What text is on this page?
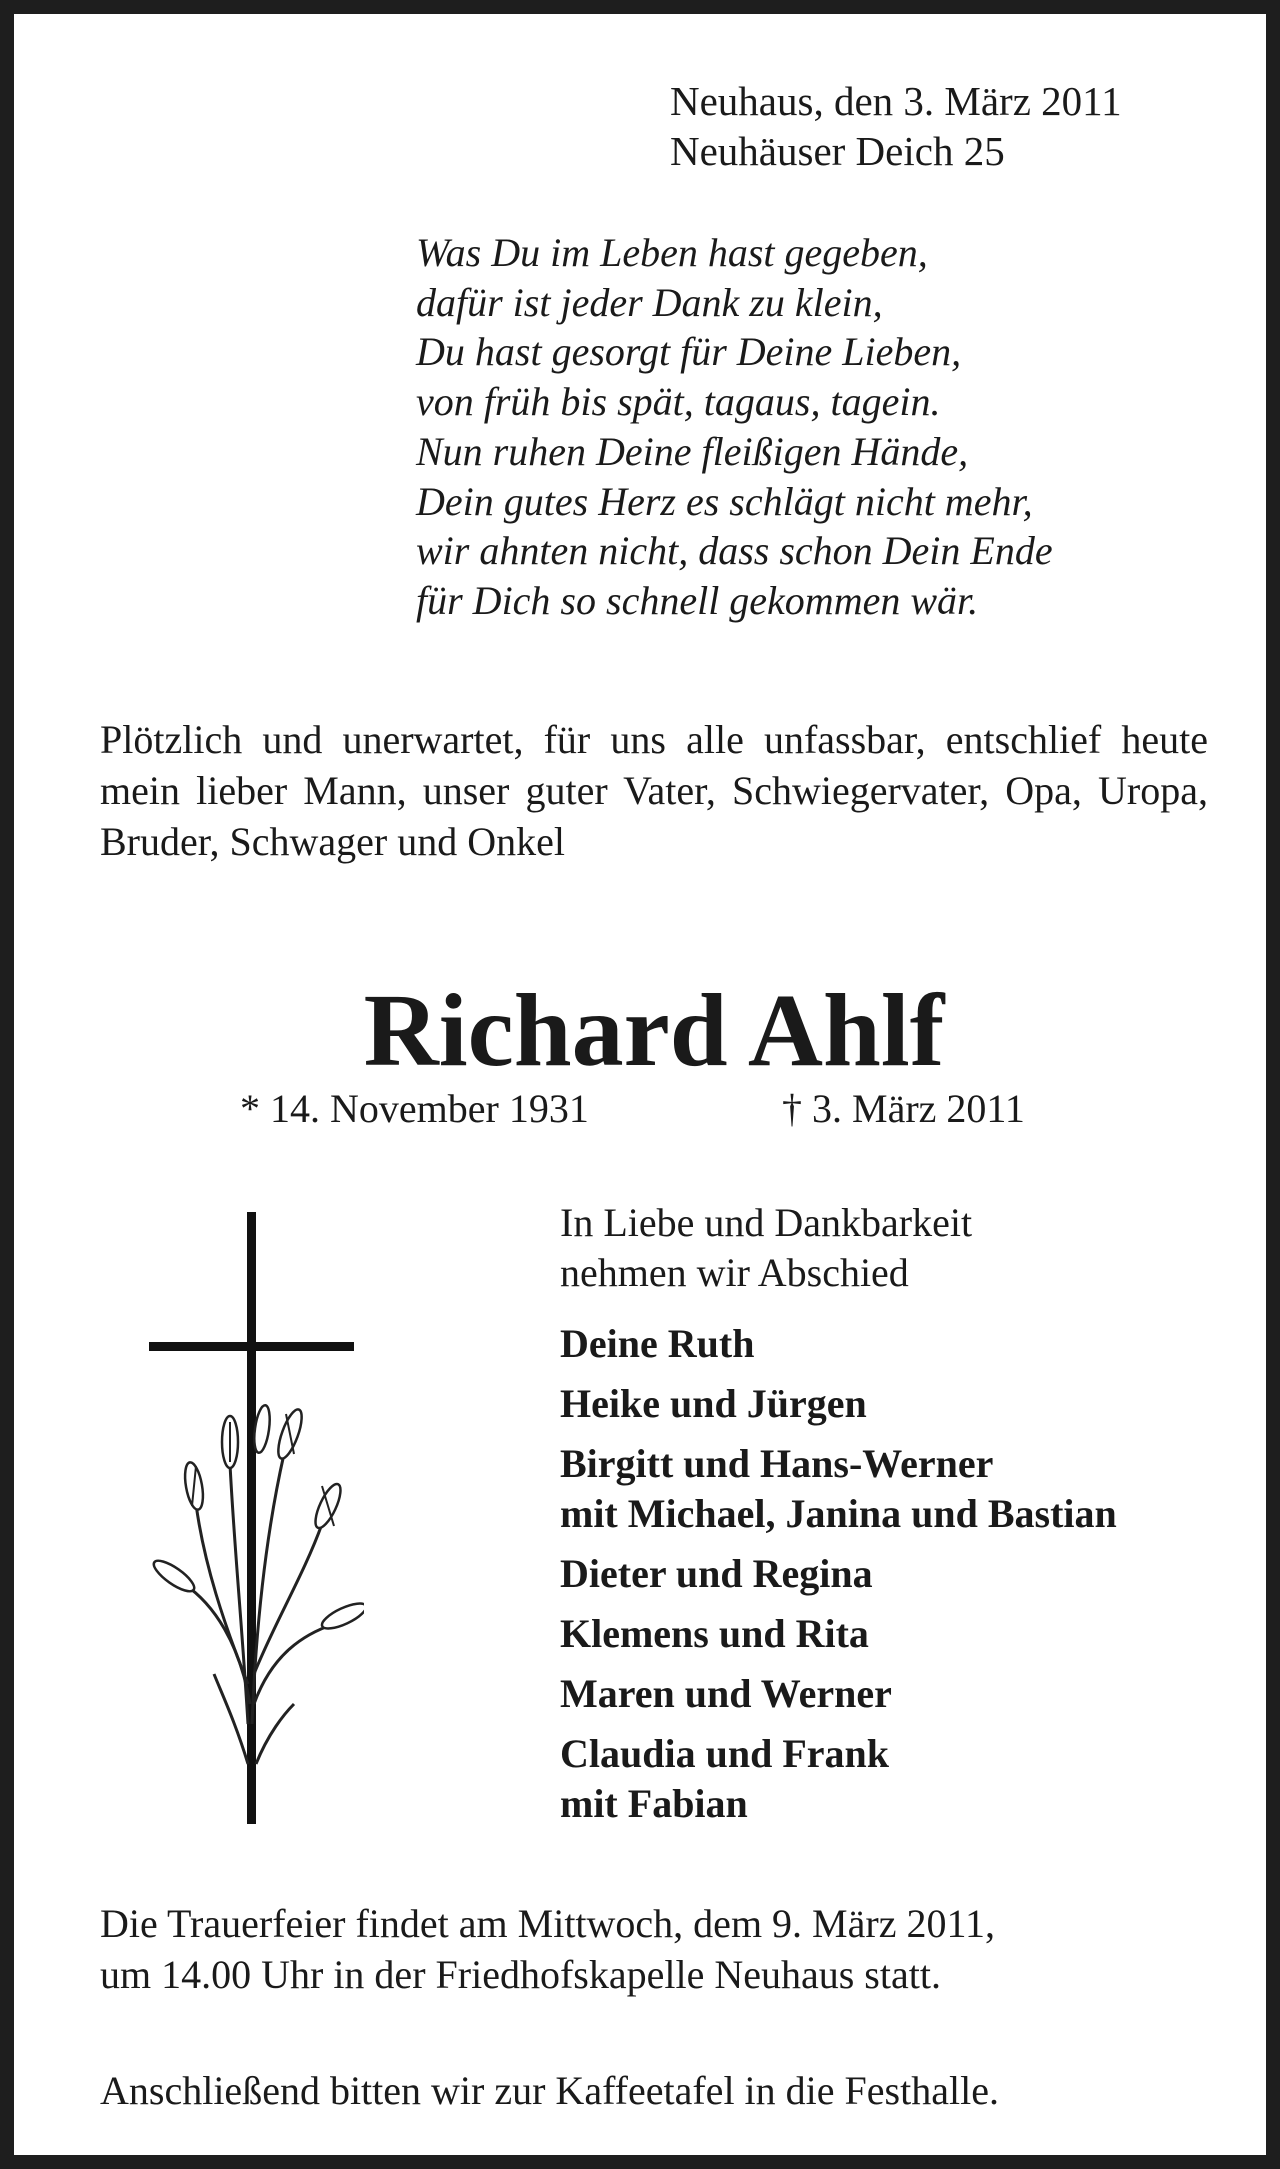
Neuhaus, den 3. März 2011
Neuhäuser Deich 25
Was Du im Leben hast gegeben,
dafür ist jeder Dank zu klein,
Du hast gesorgt für Deine Lieben,
von früh bis spät, tagaus, tagein.
Nun ruhen Deine fleißigen Hände,
Dein gutes Herz es schlägt nicht mehr,
wir ahnten nicht, dass schon Dein Ende
für Dich so schnell gekommen wär.
Plötzlich und unerwartet, für uns alle unfassbar, entschlief heute mein lieber Mann, unser guter Vater, Schwiegervater, Opa, Uropa, Bruder, Schwager und Onkel
Richard Ahlf
* 14. November 1931	† 3. März 2011
In Liebe und Dankbarkeit
nehmen wir Abschied
Deine Ruth
Heike und Jürgen
Birgitt und Hans-Werner
mit Michael, Janina und Bastian
Dieter und Regina
Klemens und Rita
Maren und Werner
Claudia und Frank
mit Fabian
Die Trauerfeier findet am Mittwoch, dem 9. März 2011,
um 14.00 Uhr in der Friedhofskapelle Neuhaus statt.
Anschließend bitten wir zur Kaffeetafel in die Festhalle.
